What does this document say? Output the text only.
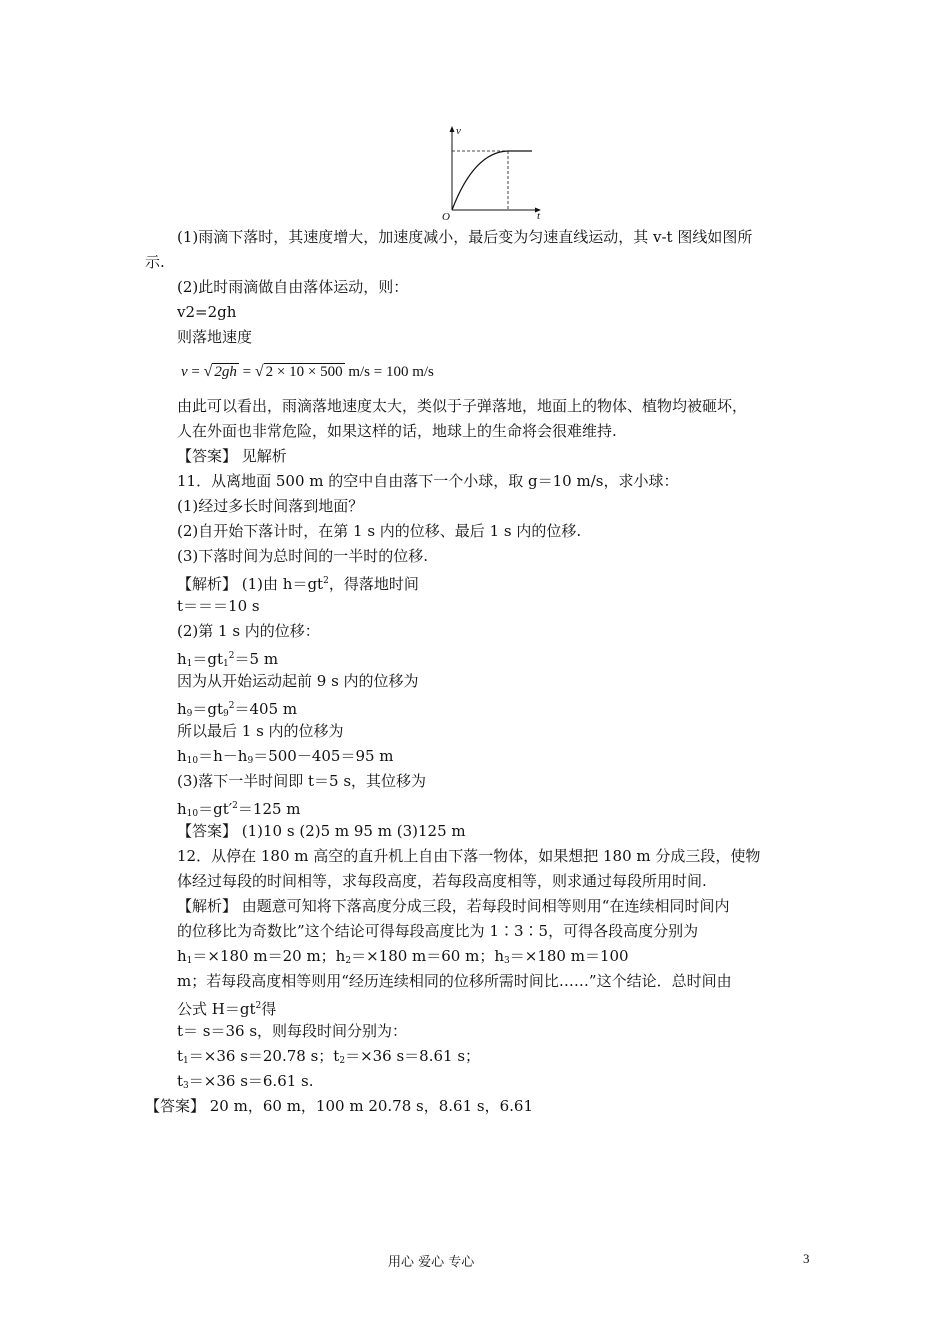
v
t
O
(1)雨滴下落时，其速度增大，加速度减小，最后变为匀速直线运动，其 v-t 图线如图所
示.
(2)此时雨滴做自由落体运动，则：
v2=2gh
则落地速度
v = √ 2gh = √ 2 × 10 × 500 m/s = 100 m/s
由此可以看出，雨滴落地速度太大，类似于子弹落地，地面上的物体、植物均被砸坏，
人在外面也非常危险，如果这样的话，地球上的生命将会很难维持.
【答案】 见解析
11．从离地面 500 m 的空中自由落下一个小球，取 g＝10 m/s，求小球：
(1)经过多长时间落到地面？
(2)自开始下落计时，在第 1 s 内的位移、最后 1 s 内的位移.
(3)下落时间为总时间的一半时的位移.
【解析】 (1)由 $h=gt^2$，得落地时间
t＝＝＝10 s
(2)第 1 s 内的位移：
$h_1=gt_1^2=5$ m
因为从开始运动起前 9 s 内的位移为
$h_9=gt_9^2=405$ m
所以最后 1 s 内的位移为
$h_{10}=h-h_9=500-405=95$ m
(3)落下一半时间即 t＝5 s，其位移为
$h_{10}=gt'^2=125$ m
【答案】 (1)10 s (2)5 m 95 m (3)125 m
12．从停在 180 m 高空的直升机上自由下落一物体，如果想把 180 m 分成三段，使物
体经过每段的时间相等，求每段高度，若每段高度相等，则求通过每段所用时间.
【解析】 由题意可知将下落高度分成三段，若每段时间相等则用“在连续相同时间内
的位移比为奇数比”这个结论可得每段高度比为 1∶3∶5，可得各段高度分别为
$h_1=\times 180$ m＝20 m；$h_2=\times 180$ m＝60 m；$h_3=\times 180$ m＝100
m；若每段高度相等则用“经历连续相同的位移所需时间比……”这个结论．总时间由
公式 $H=gt^2$得
t＝ s＝36 s，则每段时间分别为：
$t_1=\times 36$ s＝20.78 s；$t_2=\times 36$ s＝8.61 s；
$t_3=\times 36$ s＝6.61 s.
【答案】 20 m，60 m，100 m 20.78 s，8.61 s，6.61
用心 爱心 专心	3
